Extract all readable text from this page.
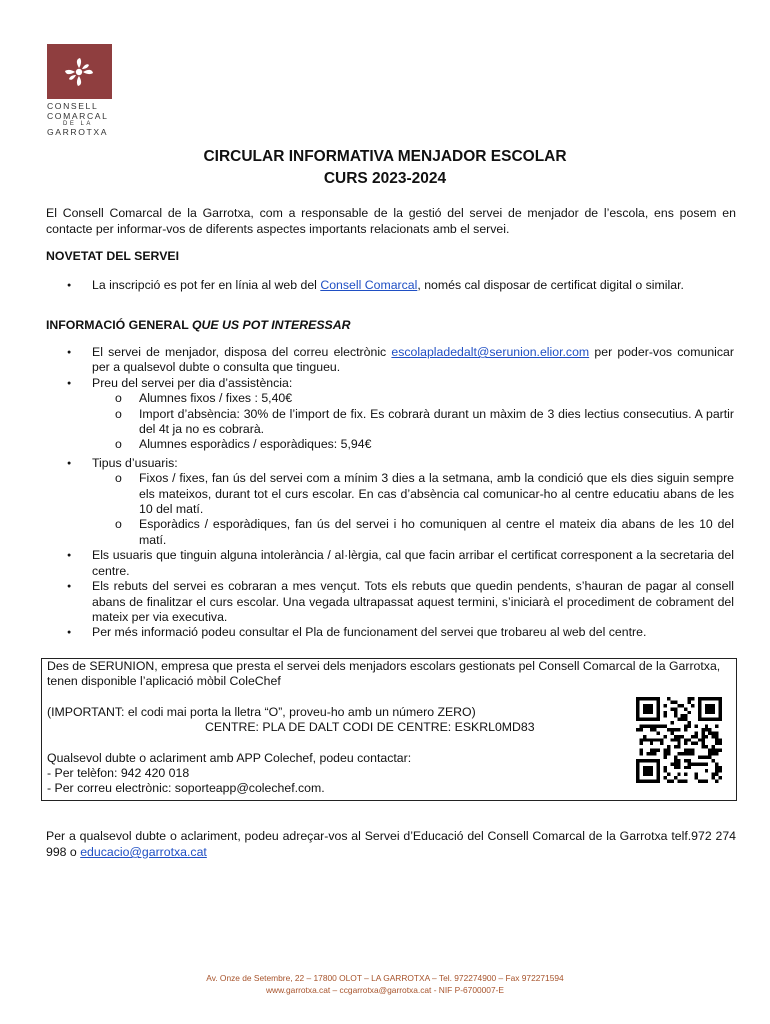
CONSELL
COMARCAL
DE LA
GARROTXA
CIRCULAR INFORMATIVA MENJADOR ESCOLAR
CURS 2023-2024
El Consell Comarcal de la Garrotxa, com a responsable de la gestió del servei de menjador de l’escola, ens posem en contacte per informar-vos de diferents aspectes importants relacionats amb el servei.
NOVETAT DEL SERVEI
● La inscripció es pot fer en línia al web del Consell Comarcal, només cal disposar de certificat digital o similar.
INFORMACIÓ GENERAL QUE US POT INTERESSAR
● El servei de menjador, disposa del correu electrònic escolapladedalt@serunion.elior.com per poder-vos comunicar per a qualsevol dubte o consulta que tingueu.
● Preu del servei per dia d’assistència:
o Alumnes fixos / fixes : 5,40€
o Import d’absència: 30% de l’import de fix. Es cobrarà durant un màxim de 3 dies lectius consecutius. A partir del 4t ja no es cobrarà.
o Alumnes esporàdics / esporàdiques: 5,94€
● Tipus d’usuaris:
o Fixos / fixes, fan ús del servei com a mínim 3 dies a la setmana, amb la condició que els dies siguin sempre els mateixos, durant tot el curs escolar. En cas d’absència cal comunicar-ho al centre educatiu abans de les 10 del matí.
o Esporàdics / esporàdiques, fan ús del servei i ho comuniquen al centre el mateix dia abans de les 10 del matí.
● Els usuaris que tinguin alguna intolerància / al·lèrgia, cal que facin arribar el certificat corresponent a la secretaria del centre.
● Els rebuts del servei es cobraran a mes vençut. Tots els rebuts que quedin pendents, s’hauran de pagar al consell abans de finalitzar el curs escolar. Una vegada ultrapassat aquest termini, s’iniciarà el procediment de cobrament del mateix per via executiva.
● Per més informació podeu consultar el Pla de funcionament del servei que trobareu al web del centre.
Des de SERUNION, empresa que presta el servei dels menjadors escolars gestionats pel Consell Comarcal de la Garrotxa, tenen disponible l’aplicació mòbil ColeChef
(IMPORTANT: el codi mai porta la lletra “O”, proveu-ho amb un número ZERO)
CENTRE: PLA DE DALT CODI DE CENTRE: ESKRL0MD83
Qualsevol dubte o aclariment amb APP Colechef, podeu contactar:
- Per telèfon: 942 420 018
- Per correu electrònic: soporteapp@colechef.com.
Per a qualsevol dubte o aclariment, podeu adreçar-vos al Servei d’Educació del Consell Comarcal de la Garrotxa telf.972 274 998 o educacio@garrotxa.cat
Av. Onze de Setembre, 22 – 17800 OLOT – LA GARROTXA – Tel. 972274900 – Fax 972271594
www.garrotxa.cat – ccgarrotxa@garrotxa.cat - NIF P-6700007-E
